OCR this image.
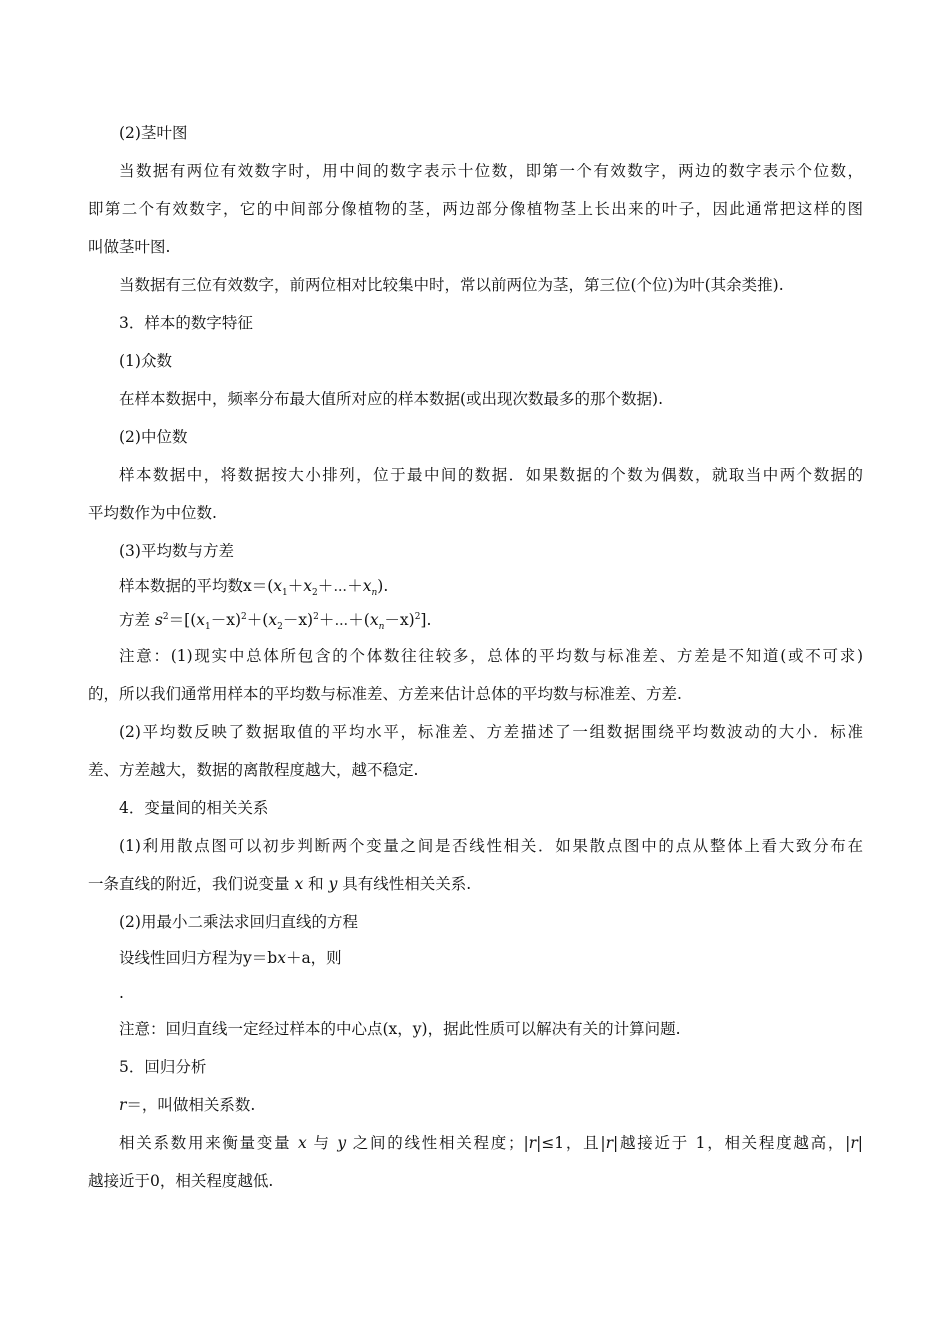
(2)茎叶图
当数据有两位有效数字时，用中间的数字表示十位数，即第一个有效数字，两边的数字表示个位数，
即第二个有效数字，它的中间部分像植物的茎，两边部分像植物茎上长出来的叶子，因此通常把这样的图
叫做茎叶图.
当数据有三位有效数字，前两位相对比较集中时，常以前两位为茎，第三位(个位)为叶(其余类推).
3．样本的数字特征
(1)众数
在样本数据中，频率分布最大值所对应的样本数据(或出现次数最多的那个数据).
(2)中位数
样本数据中，将数据按大小排列，位于最中间的数据．如果数据的个数为偶数，就取当中两个数据的
平均数作为中位数.
(3)平均数与方差
样本数据的平均数$x=(x_1+x_2+\cdots+x_n)$.
方差 $s^2=[(x_1-x)^2+(x_2-x)^2+\cdots+(x_n-x)^2]$.
注意：(1)现实中总体所包含的个体数往往较多，总体的平均数与标准差、方差是不知道(或不可求)
的，所以我们通常用样本的平均数与标准差、方差来估计总体的平均数与标准差、方差.
(2)平均数反映了数据取值的平均水平，标准差、方差描述了一组数据围绕平均数波动的大小．标准
差、方差越大，数据的离散程度越大，越不稳定.
4．变量间的相关关系
(1)利用散点图可以初步判断两个变量之间是否线性相关．如果散点图中的点从整体上看大致分布在
一条直线的附近，我们说变量 x 和 y 具有线性相关关系.
(2)用最小二乘法求回归直线的方程
设线性回归方程为y＝bx＋a，则
.
注意：回归直线一定经过样本的中心点(x，y)，据此性质可以解决有关的计算问题.
5．回归分析
r＝，叫做相关系数.
相关系数用来衡量变量 x 与 y 之间的线性相关程度；|r|≤1，且|r|越接近于 1，相关程度越高，|r|
越接近于0，相关程度越低.
